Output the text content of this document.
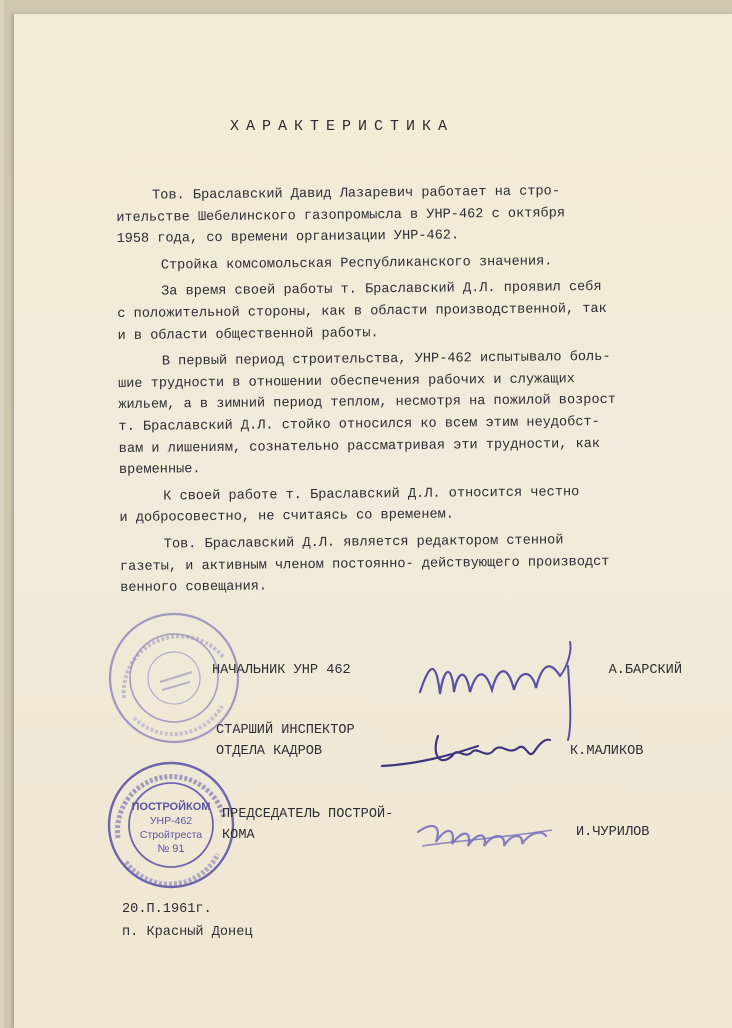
ХАРАКТЕРИСТИКА

Тов. Браславский Давид Лазаревич работает на стро-
ительстве Шебелинского газопромысла в УНР-462 с октября
1958 года, со времени организации УНР-462.

Стройка комсомольская Республиканского значения.

За время своей работы т. Браславский Д.Л. проявил себя
с положительной стороны, как в области производственной, так
и в области общественной работы.

В первый период строительства, УНР-462 испытывало боль-
шие трудности в отношении обеспечения рабочих и служащих
жильем, а в зимний период теплом, несмотря на пожилой возрост
т. Браславский Д.Л. стойко относился ко всем этим неудобст-
вам и лишениям, сознательно рассматривая эти трудности, как
временные.

К своей работе т. Браславский Д.Л. относится честно
и добросовестно, не считаясь со временем.

Тов. Браславский Д.Л. является редактором стенной
газеты, и активным членом постоянно- действующего производст
венного совещания.

НАЧАЛЬНИК УНР 462	А.БАРСКИЙ
СТАРШИЙ ИНСПЕКТОР
ОТДЕЛА КАДРОВ	К.МАЛИКОВ
ПОСТРОЙКОМ
УНР-462
Стройтреста
№ 91
ПРЕДСЕДАТЕЛЬ ПОСТРОЙ-
КОМА	И.ЧУРИЛОВ
20.П.1961г.
п. Красный Донец
